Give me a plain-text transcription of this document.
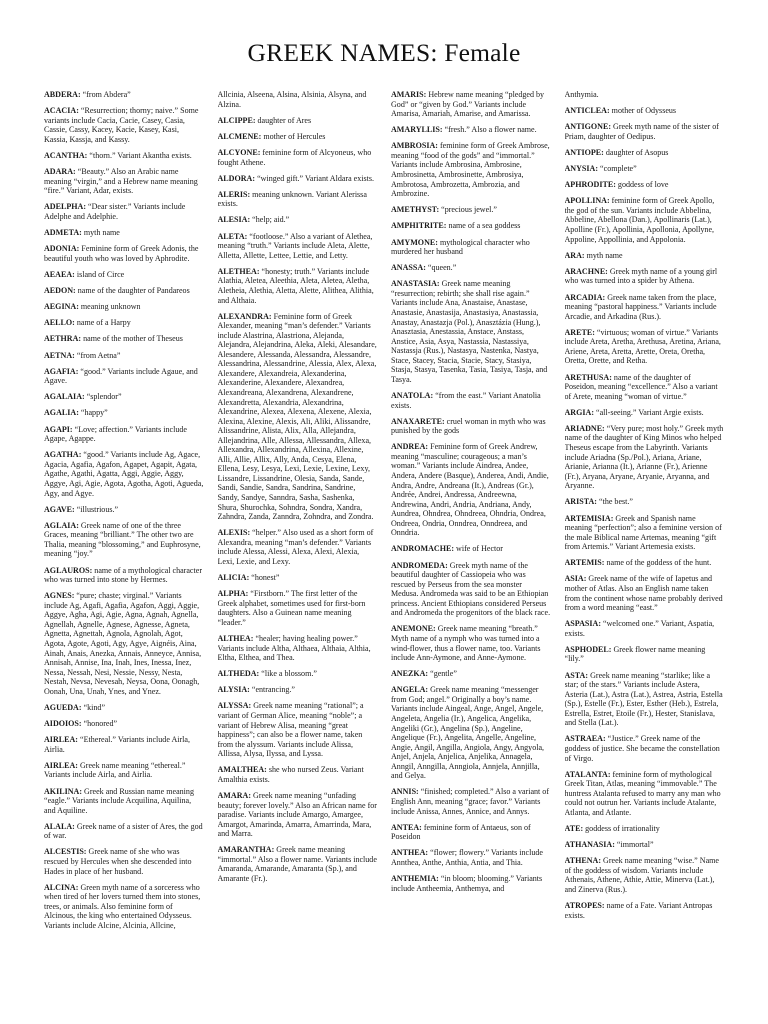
GREEK NAMES: Female
ABDERA: “from Abdera”
ACACIA: “Resurrection; thorny; naive.” Some variants include Cacia, Cacie, Casey, Casia, Cassie, Cassy, Kacey, Kacie, Kasey, Kasi, Kassia, Kassja, and Kassy.
ACANTHA: “thorn.” Variant Akantha exists.
ADARA: “Beauty.” Also an Arabic name meaning “virgin,” and a Hebrew name meaning “fire.” Variant, Adar, exists.
ADELPHA: “Dear sister.” Variants include Adelphe and Adelphie.
ADMETA: myth name
ADONIA: Feminine form of Greek Adonis, the beautiful youth who was loved by Aphrodite.
AEAEA: island of Circe
AEDON: name of the daughter of Pandareos
AEGINA: meaning unknown
AELLO: name of a Harpy
AETHRA: name of the mother of Theseus
AETNA: “from Aetna”
AGAFIA: “good.” Variants include Agaue, and Agave.
AGALAIA: “splendor”
AGALIA: “happy”
AGAPI: “Love; affection.” Variants include Agape, Agappe.
AGATHA: “good.” Variants include Ag, Agace, Agacia, Agafia, Agafon, Agapet, Agapit, Agata, Agathe, Agathi, Agatta, Aggi, Aggie, Aggy, Aggye, Agi, Agie, Agota, Agotha, Agoti, Agueda, Agy, and Agye.
AGAVE: “illustrious.”
AGLAIA: Greek name of one of the three Graces, meaning “brilliant.” The other two are Thalia, meaning “blossoming,” and Euphrosyne, meaning “joy.”
AGLAUROS: name of a mythological character who was turned into stone by Hermes.
AGNES: “pure; chaste; virginal.” Variants include Ag, Agafi, Agafia, Agafon, Aggi, Aggie, Aggye, Agha, Agi, Agie, Agna, Agnah, Agnella, Agnellah, Agnelle, Agnese, Agnesse, Agneta, Agnetta, Agnettah, Agnola, Agnolah, Agot, Agota, Agote, Agoti, Agy, Agye, Aignéis, Aina, Ainah, Anais, Anezka, Annais, Anneyce, Annisa, Annisah, Annise, Ina, Inah, Ines, Inessa, Inez, Nessa, Nessah, Nesi, Nessie, Nessy, Nesta, Nestah, Nevsa, Nevesah, Neysa, Oona, Oonagh, Oonah, Una, Unah, Ynes, and Ynez.
AGUEDA: “kind”
AIDOIOS: “honored”
AIRLEA: “Ethereal.” Variants include Airla, Airlia.
AIRLEA: Greek name meaning “ethereal.” Variants include Airla, and Airlia.
AKILINA: Greek and Russian name meaning “eagle.” Variants include Acquilina, Aquilina, and Aquiline.
ALALA: Greek name of a sister of Ares, the god of war.
ALCESTIS: Greek name of she who was rescued by Hercules when she descended into Hades in place of her husband.
ALCINA: Green myth name of a sorceress who when tired of her lovers turned them into stones, trees, or animals. Also feminine form of Alcinous, the king who entertained Odysseus. Variants include Alcine, Alcinia, Allcine,
Allcinia, Alseena, Alsina, Alsinia, Alsyna, and Alzina.
ALCIPPE: daughter of Ares
ALCMENE: mother of Hercules
ALCYONE: feminine form of Alcyoneus, who fought Athene.
ALDORA: “winged gift.” Variant Aldara exists.
ALERIS: meaning unknown. Variant Alerissa exists.
ALESIA: “help; aid.”
ALETA: “footloose.” Also a variant of Alethea, meaning “truth.” Variants include Aleta, Alette, Alletta, Allette, Lettee, Lettie, and Letty.
ALETHEA: “honesty; truth.” Variants include Alathia, Aletea, Aleethia, Aleta, Aletea, Aletha, Aletheia, Alethia, Aletta, Alette, Alithea, Alithia, and Althaia.
ALEXANDRA: Feminine form of Greek Alexander, meaning “man’s defender.” Variants include Alastrina, Alastriona, Alejanda, Alejandra, Alejandrina, Aleka, Aleki, Alesandare, Alesandere, Alessanda, Alessandra, Alessandre, Alessandrina, Alessandrine, Alessia, Alex, Alexa, Alexandere, Alexandreia, Alexanderina, Alexanderine, Alexandere, Alexandrea, Alexandreana, Alexandrena, Alexandrene, Alexandretta, Alexandria, Alexandrina, Alexandrine, Alexea, Alexena, Alexene, Alexia, Alexina, Alexine, Alexis, Ali, Aliki, Alissandre, Alissandrine, Alista, Alix, Alla, Allejandra, Allejandrina, Alle, Allessa, Allessandra, Allexa, Allexandra, Allexandrina, Allexina, Allexine, Alli, Allie, Allix, Ally, Anda, Cesya, Elena, Ellena, Lesy, Lesya, Lexi, Lexie, Lexine, Lexy, Lissandre, Lissandrine, Olesia, Sanda, Sande, Sandi, Sandie, Sandra, Sandrina, Sandrine, Sandy, Sandye, Sanndra, Sasha, Sashenka, Shura, Shurochka, Sohndra, Sondra, Xandra, Zahndra, Zanda, Zanndra, Zohndra, and Zondra.
ALEXIS: “helper.” Also used as a short form of Alexandra, meaning “man’s defender.” Variants include Alessa, Alessi, Alexa, Alexi, Alexia, Lexi, Lexie, and Lexy.
ALICIA: “honest”
ALPHA: “Firstborn.” The first letter of the Greek alphabet, sometimes used for first-born daughters. Also a Guinean name meaning “leader.”
ALTHEA: “healer; having healing power.” Variants include Altha, Althaea, Althaia, Althia, Eltha, Elthea, and Thea.
ALTHEDA: “like a blossom.”
ALYSIA: “entrancing.”
ALYSSA: Greek name meaning “rational”; a variant of German Alice, meaning “noble”; a variant of Hebrew Alisa, meaning “great happiness”; can also be a flower name, taken from the alyssum. Variants include Alissa, Allissa, Alysa, Ilyssa, and Lyssa.
AMALTHEA: she who nursed Zeus. Variant Amalthia exists.
AMARA: Greek name meaning “unfading beauty; forever lovely.” Also an African name for paradise. Variants include Amargo, Amargee, Amargot, Amarinda, Amarra, Amarrinda, Mara, and Marra.
AMARANTHA: Greek name meaning “immortal.” Also a flower name. Variants include Amaranda, Amarande, Amaranta (Sp.), and Amarante (Fr.).
AMARIS: Hebrew name meaning “pledged by God” or “given by God.” Variants include Amarisa, Amariah, Amarise, and Amarissa.
AMARYLLIS: “fresh.” Also a flower name.
AMBROSIA: feminine form of Greek Ambrose, meaning “food of the gods” and “immortal.” Variants include Ambrosina, Ambrosine, Ambrosinetta, Ambrosinette, Ambrosiya, Ambrotosa, Ambrozetta, Ambrozia, and Ambrozine.
AMETHYST: “precious jewel.”
AMPHITRITE: name of a sea goddess
AMYMONE: mythological character who murdered her husband
ANASSA: “queen.”
ANASTASIA: Greek name meaning “resurrection; rebirth; she shall rise again.” Variants include Ana, Anastaise, Anastase, Anastasie, Anastasija, Anastasiya, Anastassia, Anastay, Anastazja (Pol.), Anasztázia (Hung.), Anasztasia, Anestassia, Anstace, Anstass, Anstice, Asia, Asya, Nastassia, Nastassiya, Nastassja (Rus.), Nastasya, Nastenka, Nastya, Stace, Stacey, Stacia, Stacie, Stacy, Stasiya, Stasja, Stasya, Tasenka, Tasia, Tasiya, Tasja, and Tasya.
ANATOLA: “from the east.” Variant Anatolia exists.
ANAXARETE: cruel woman in myth who was punished by the gods
ANDREA: Feminine form of Greek Andrew, meaning “masculine; courageous; a man’s woman.” Variants include Aindrea, Andee, Andera, Andere (Basque), Anderea, Andi, Andie, Andra, Andre, Andreana (It.), Andreas (Gr.), Andrée, Andrei, Andressa, Andreewna, Andrewina, Andri, Andria, Andriana, Andy, Aundrea, Ohndrea, Ohndreea, Ohndria, Ondrea, Ondreea, Ondria, Onndrea, Onndreea, and Onndria.
ANDROMACHE: wife of Hector
ANDROMEDA: Greek myth name of the beautiful daughter of Cassiopeia who was rescued by Perseus from the sea monster Medusa. Andromeda was said to be an Ethiopian princess. Ancient Ethiopians considered Perseus and Andromeda the progenitors of the black race.
ANEMONE: Greek name meaning “breath.” Myth name of a nymph who was turned into a wind-flower, thus a flower name, too. Variants include Ann-Aymone, and Anne-Aymone.
ANEZKA: “gentle”
ANGELA: Greek name meaning “messenger from God; angel.” Originally a boy’s name. Variants include Aingeal, Ange, Angel, Angele, Angeleta, Angelia (Ir.), Angelica, Angelika, Angeliki (Gr.), Angelina (Sp.), Angeline, Angelique (Fr.), Angelita, Angelle, Angeline, Angie, Angil, Angilla, Angiola, Angy, Angyola, Anjel, Anjela, Anjelica, Anjelika, Annagela, Anngil, Anngilla, Anngiola, Annjela, Annjilla, and Gelya.
ANNIS: “finished; completed.” Also a variant of English Ann, meaning “grace; favor.” Variants include Anissa, Annes, Annice, and Annys.
ANTEA: feminine form of Antaeus, son of Poseidon
ANTHEA: “flower; flowery.” Variants include Annthea, Anthe, Anthia, Antia, and Thia.
ANTHEMIA: “in bloom; blooming.” Variants include Antheemia, Anthemya, and
Anthymia.
ANTICLEA: mother of Odysseus
ANTIGONE: Greek myth name of the sister of Priam, daughter of Oedipus.
ANTIOPE: daughter of Asopus
ANYSIA: “complete”
APHRODITE: goddess of love
APOLLINA: feminine form of Greek Apollo, the god of the sun. Variants include Abbelina, Abbeline, Abellona (Dan.), Apollinaris (Lat.), Apolline (Fr.), Apollinia, Apollonia, Apollyne, Appoline, Appollinia, and Appolonia.
ARA: myth name
ARACHNE: Greek myth name of a young girl who was turned into a spider by Athena.
ARCADIA: Greek name taken from the place, meaning “pastoral happiness.” Variants include Arcadie, and Arkadina (Rus.).
ARETE: “virtuous; woman of virtue.” Variants include Areta, Aretha, Arethusa, Aretina, Ariana, Ariene, Areta, Aretta, Arette, Oreta, Oretha, Oretta, Orette, and Retha.
ARETHUSA: name of the daughter of Poseidon, meaning “excellence.” Also a variant of Arete, meaning “woman of virtue.”
ARGIA: “all-seeing.” Variant Argie exists.
ARIADNE: “Very pure; most holy.” Greek myth name of the daughter of King Minos who helped Theseus escape from the Labyrinth. Variants include Ariadna (Sp./Pol.), Ariana, Ariane, Arianie, Arianna (It.), Arianne (Fr.), Arienne (Fr.), Aryana, Aryane, Aryanie, Aryanna, and Aryanne.
ARISTA: “the best.”
ARTEMISIA: Greek and Spanish name meaning “perfection”; also a feminine version of the male Biblical name Artemas, meaning “gift from Artemis.” Variant Artemesia exists.
ARTEMIS: name of the goddess of the hunt.
ASIA: Greek name of the wife of Iapetus and mother of Atlas. Also an English name taken from the continent whose name probably derived from a word meaning “east.”
ASPASIA: “welcomed one.” Variant, Aspatia, exists.
ASPHODEL: Greek flower name meaning “lily.”
ASTA: Greek name meaning “starlike; like a star; of the stars.” Variants include Astera, Asteria (Lat.), Astra (Lat.), Astrea, Astria, Estella (Sp.), Estelle (Fr.), Ester, Esther (Heb.), Estrela, Estrella, Estret, Etoile (Fr.), Hester, Stanislava, and Stella (Lat.).
ASTRAEA: “Justice.” Greek name of the goddess of justice. She became the constellation of Virgo.
ATALANTA: feminine form of mythological Greek Titan, Atlas, meaning “immovable.” The huntress Atalanta refused to marry any man who could not outrun her. Variants include Atalante, Atlanta, and Atlante.
ATE: goddess of irrationality
ATHANASIA: “immortal”
ATHENA: Greek name meaning “wise.” Name of the goddess of wisdom. Variants include Athenais, Athene, Athie, Attie, Minerva (Lat.), and Zinerva (Rus.).
ATROPES: name of a Fate. Variant Antropas exists.
